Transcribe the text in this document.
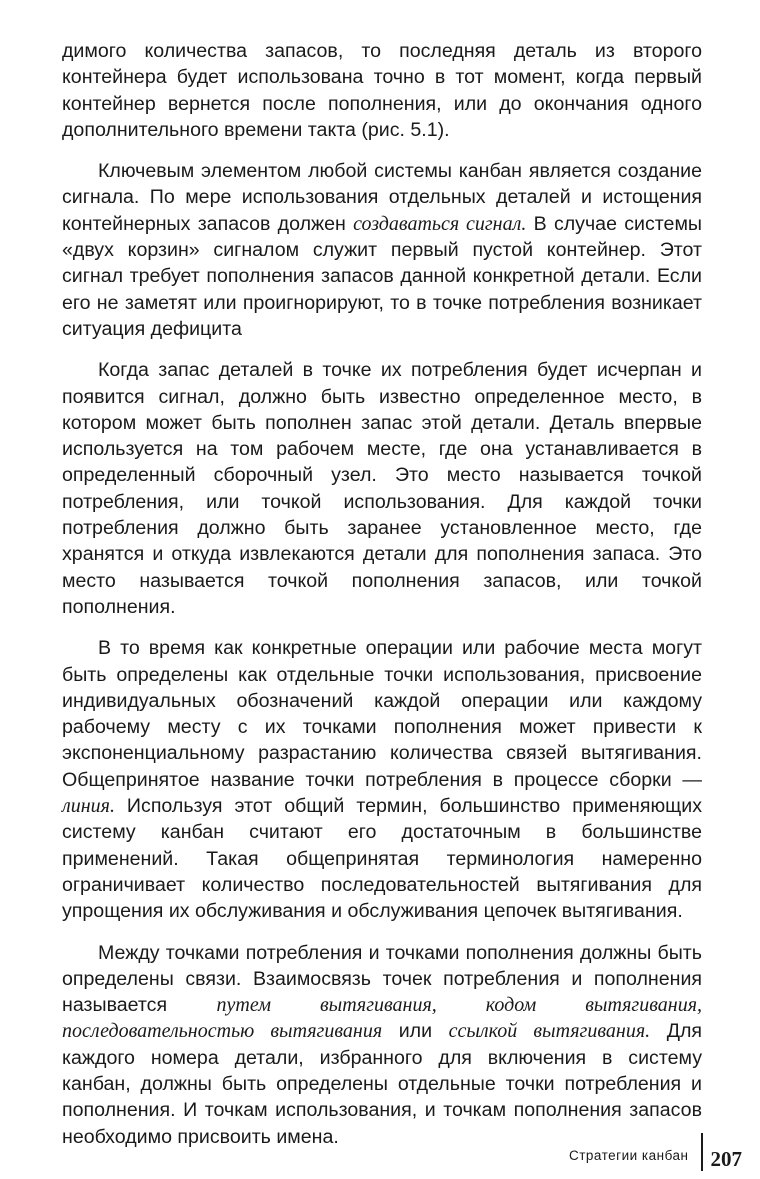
димого количества запасов, то последняя деталь из второго контейнера будет использована точно в тот момент, когда первый контейнер вернется после пополнения, или до окончания одного дополнительного времени такта (рис. 5.1).

Ключевым элементом любой системы канбан является создание сигнала. По мере использования отдельных деталей и истощения контейнерных запасов должен создаваться сигнал. В случае системы «двух корзин» сигналом служит первый пустой контейнер. Этот сигнал требует пополнения запасов данной конкретной детали. Если его не заметят или проигнорируют, то в точке потребления возникает ситуация дефицита

Когда запас деталей в точке их потребления будет исчерпан и появится сигнал, должно быть известно определенное место, в котором может быть пополнен запас этой детали. Деталь впервые используется на том рабочем месте, где она устанавливается в определенный сборочный узел. Это место называется точкой потребления, или точкой использования. Для каждой точки потребления должно быть заранее установленное место, где хранятся и откуда извлекаются детали для пополнения запаса. Это место называется точкой пополнения запасов, или точкой пополнения.

В то время как конкретные операции или рабочие места могут быть определены как отдельные точки использования, присвоение индивидуальных обозначений каждой операции или каждому рабочему месту с их точками пополнения может привести к экспоненциальному разрастанию количества связей вытягивания. Общепринятое название точки потребления в процессе сборки — линия. Используя этот общий термин, большинство применяющих систему канбан считают его достаточным в большинстве применений. Такая общепринятая терминология намеренно ограничивает количество последовательностей вытягивания для упрощения их обслуживания и обслуживания цепочек вытягивания.

Между точками потребления и точками пополнения должны быть определены связи. Взаимосвязь точек потребления и пополнения называется путем вытягивания, кодом вытягивания, последовательностью вытягивания или ссылкой вытягивания. Для каждого номера детали, избранного для включения в систему канбан, должны быть определены отдельные точки потребления и пополнения. И точкам использования, и точкам пополнения запасов необходимо присвоить имена.

Стратегии канбан 207
